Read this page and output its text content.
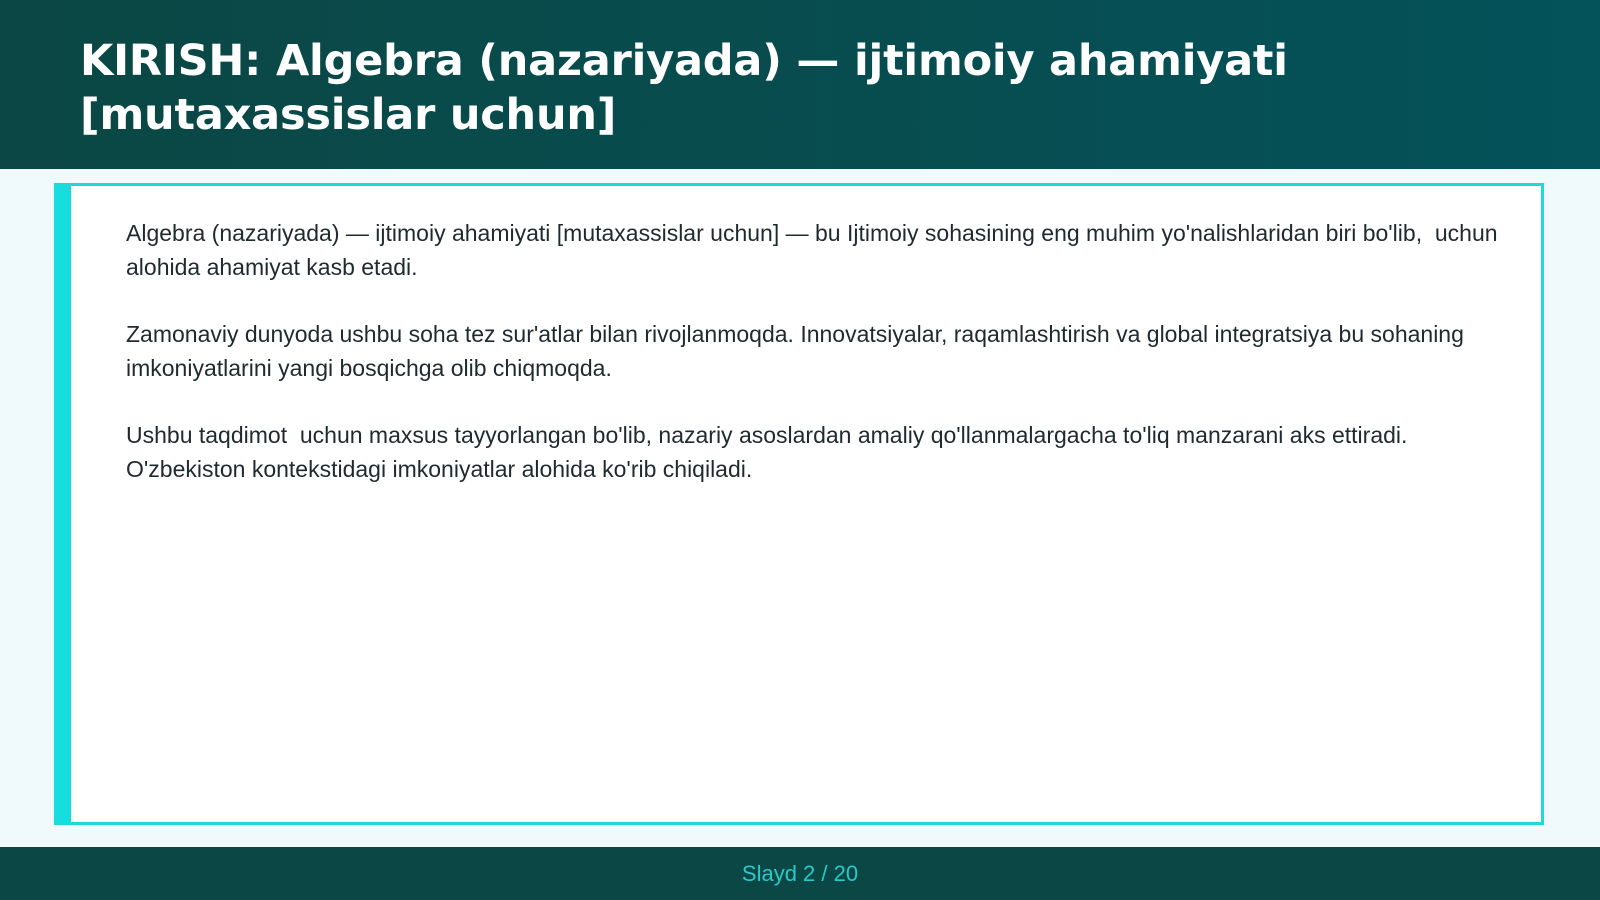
KIRISH: Algebra (nazariyada) — ijtimoiy ahamiyati [mutaxassislar uchun]

Algebra (nazariyada) — ijtimoiy ahamiyati [mutaxassislar uchun] — bu Ijtimoiy sohasining eng muhim yo'nalishlaridan biri bo'lib,  uchun alohida ahamiyat kasb etadi.

Zamonaviy dunyoda ushbu soha tez sur'atlar bilan rivojlanmoqda. Innovatsiyalar, raqamlashtirish va global integratsiya bu sohaning imkoniyatlarini yangi bosqichga olib chiqmoqda.

Ushbu taqdimot  uchun maxsus tayyorlangan bo'lib, nazariy asoslardan amaliy qo'llanmalargacha to'liq manzarani aks ettiradi. O'zbekiston kontekstidagi imkoniyatlar alohida ko'rib chiqiladi.

Slayd 2 / 20
